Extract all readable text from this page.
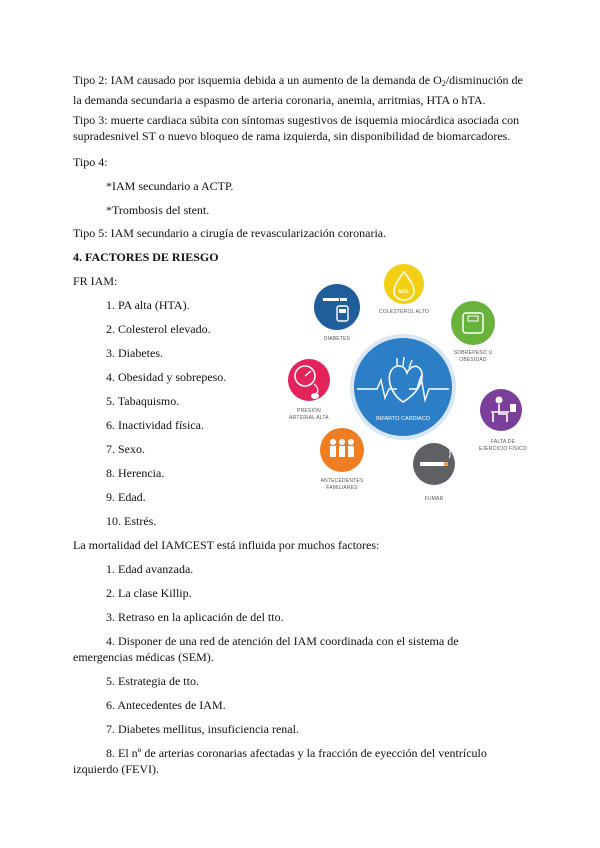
Tipo 2: IAM causado por isquemia debida a un aumento de la demanda de $O_2$/disminución de
la demanda secundaria a espasmo de arteria coronaria, anemia, arritmias, HTA o hTA.
Tipo 3: muerte cardiaca súbita con síntomas sugestivos de isquemia miocárdica asociada con
supradesnivel ST o nuevo bloqueo de rama izquierda, sin disponibilidad de biomarcadores.
Tipo 4:
*IAM secundario a ACTP.
*Trombosis del stent.
Tipo 5: IAM secundario a cirugía de revascularización coronaria.
4. FACTORES DE RIESGO
FR IAM:
1. PA alta (HTA).
2. Colesterol elevado.
3. Diabetes.
4. Obesidad y sobrepeso.
5. Tabaquismo.
6. Inactividad física.
7. Sexo.
8. Herencia.
9. Edad.
10. Estrés.
INFARTO CARDIACO
DIABETES
MOL
COLESTEROL ALTO
SOBREPESO U
OBESIDAD
FALTA DE
EJERCICIO FÍSICO
FUMAR
ANTECEDENTES
FAMILIARES
PRESIÓN
ARTERIAL ALTA
La mortalidad del IAMCEST está influida por muchos factores:
1. Edad avanzada.
2. La clase Killip.
3. Retraso en la aplicación de del tto.
4. Disponer de una red de atención del IAM coordinada con el sistema de
emergencias médicas (SEM).
5. Estrategia de tto.
6. Antecedentes de IAM.
7. Diabetes mellitus, insuficiencia renal.
8. El nº de arterias coronarias afectadas y la fracción de eyección del ventrículo
izquierdo (FEVI).
